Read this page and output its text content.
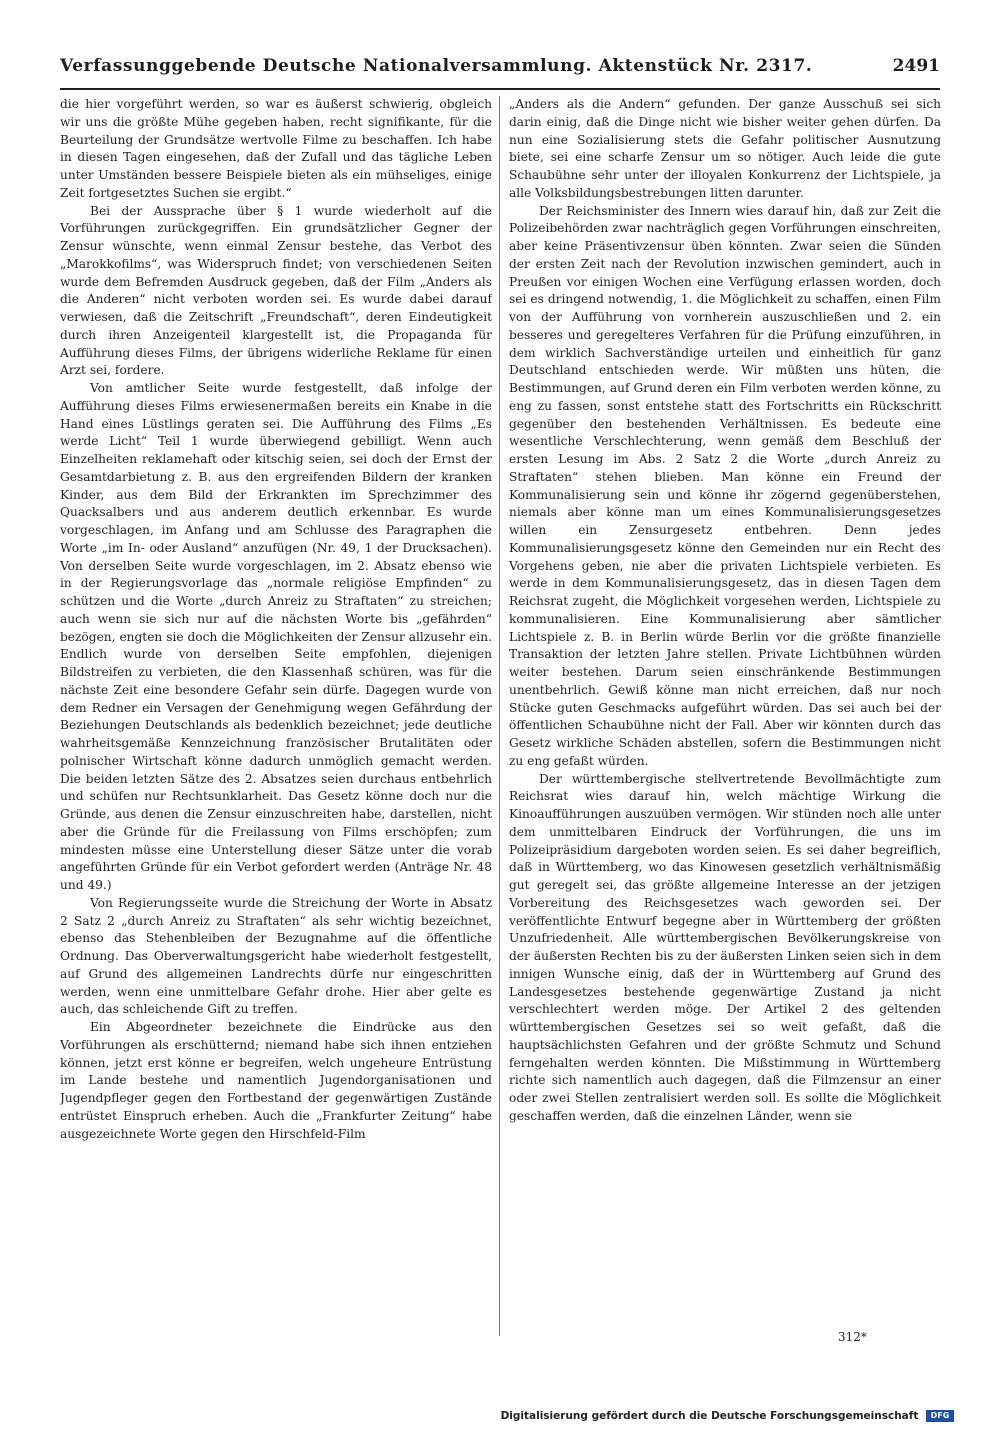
Verfassunggebende Deutsche Nationalversammlung. Aktenstück Nr. 2317.	2491

die hier vorgeführt werden, so war es äußerst schwierig, obgleich wir uns die größte Mühe gegeben haben, recht signifikante, für die Beurteilung der Grundsätze wertvolle Filme zu beschaffen. Ich habe in diesen Tagen eingesehen, daß der Zufall und das tägliche Leben unter Umständen bessere Beispiele bieten als ein mühseliges, einige Zeit fortgesetztes Suchen sie ergibt.“

Bei der Aussprache über § 1 wurde wiederholt auf die Vorführungen zurückgegriffen. Ein grundsätzlicher Gegner der Zensur wünschte, wenn einmal Zensur bestehe, das Verbot des „Marokkofilms“, was Widerspruch findet; von verschiedenen Seiten wurde dem Befremden Ausdruck gegeben, daß der Film „Anders als die Anderen“ nicht verboten worden sei. Es wurde dabei darauf verwiesen, daß die Zeitschrift „Freundschaft“, deren Eindeutigkeit durch ihren Anzeigenteil klargestellt ist, die Propaganda für Aufführung dieses Films, der übrigens widerliche Reklame für einen Arzt sei, fordere.

Von amtlicher Seite wurde festgestellt, daß infolge der Aufführung dieses Films erwiesenermaßen bereits ein Knabe in die Hand eines Lüstlings geraten sei. Die Aufführung des Films „Es werde Licht“ Teil 1 wurde überwiegend gebilligt. Wenn auch Einzelheiten reklamehaft oder kitschig seien, sei doch der Ernst der Gesamtdarbietung z. B. aus den ergreifenden Bildern der kranken Kinder, aus dem Bild der Erkrankten im Sprechzimmer des Quacksalbers und aus anderem deutlich erkennbar. Es wurde vorgeschlagen, im Anfang und am Schlusse des Paragraphen die Worte „im In- oder Ausland“ anzufügen (Nr. 49, 1 der Drucksachen). Von derselben Seite wurde vorgeschlagen, im 2. Absatz ebenso wie in der Regierungsvorlage das „normale religiöse Empfinden“ zu schützen und die Worte „durch Anreiz zu Straftaten“ zu streichen; auch wenn sie sich nur auf die nächsten Worte bis „gefährden“ bezögen, engten sie doch die Möglichkeiten der Zensur allzusehr ein. Endlich wurde von derselben Seite empfohlen, diejenigen Bildstreifen zu verbieten, die den Klassenhaß schüren, was für die nächste Zeit eine besondere Gefahr sein dürfe. Dagegen wurde von dem Redner ein Versagen der Genehmigung wegen Gefährdung der Beziehungen Deutschlands als bedenklich bezeichnet; jede deutliche wahrheitsgemäße Kennzeichnung französischer Brutalitäten oder polnischer Wirtschaft könne dadurch unmöglich gemacht werden. Die beiden letzten Sätze des 2. Absatzes seien durchaus entbehrlich und schüfen nur Rechtsunklarheit. Das Gesetz könne doch nur die Gründe, aus denen die Zensur einzuschreiten habe, darstellen, nicht aber die Gründe für die Freilassung von Films erschöpfen; zum mindesten müsse eine Unterstellung dieser Sätze unter die vorab angeführten Gründe für ein Verbot gefordert werden (Anträge Nr. 48 und 49.)

Von Regierungsseite wurde die Streichung der Worte in Absatz 2 Satz 2 „durch Anreiz zu Straftaten“ als sehr wichtig bezeichnet, ebenso das Stehenbleiben der Bezugnahme auf die öffentliche Ordnung. Das Oberverwaltungsgericht habe wiederholt festgestellt, auf Grund des allgemeinen Landrechts dürfe nur eingeschritten werden, wenn eine unmittelbare Gefahr drohe. Hier aber gelte es auch, das schleichende Gift zu treffen.

Ein Abgeordneter bezeichnete die Eindrücke aus den Vorführungen als erschütternd; niemand habe sich ihnen entziehen können, jetzt erst könne er begreifen, welch ungeheure Entrüstung im Lande bestehe und namentlich Jugendorganisationen und Jugendpfleger gegen den Fortbestand der gegenwärtigen Zustände entrüstet Einspruch erheben. Auch die „Frankfurter Zeitung“ habe ausgezeichnete Worte gegen den Hirschfeld-Film

„Anders als die Andern“ gefunden. Der ganze Ausschuß sei sich darin einig, daß die Dinge nicht wie bisher weiter gehen dürfen. Da nun eine Sozialisierung stets die Gefahr politischer Ausnutzung biete, sei eine scharfe Zensur um so nötiger. Auch leide die gute Schaubühne sehr unter der illoyalen Konkurrenz der Lichtspiele, ja alle Volksbildungsbestrebungen litten darunter.

Der Reichsminister des Innern wies darauf hin, daß zur Zeit die Polizeibehörden zwar nachträglich gegen Vorführungen einschreiten, aber keine Präsentivzensur üben könnten. Zwar seien die Sünden der ersten Zeit nach der Revolution inzwischen gemindert, auch in Preußen vor einigen Wochen eine Verfügung erlassen worden, doch sei es dringend notwendig, 1. die Möglichkeit zu schaffen, einen Film von der Aufführung von vornherein auszuschließen und 2. ein besseres und geregelteres Verfahren für die Prüfung einzuführen, in dem wirklich Sachverständige urteilen und einheitlich für ganz Deutschland entschieden werde. Wir müßten uns hüten, die Bestimmungen, auf Grund deren ein Film verboten werden könne, zu eng zu fassen, sonst entstehe statt des Fortschritts ein Rückschritt gegenüber den bestehenden Verhältnissen. Es bedeute eine wesentliche Verschlechterung, wenn gemäß dem Beschluß der ersten Lesung im Abs. 2 Satz 2 die Worte „durch Anreiz zu Straftaten“ stehen blieben. Man könne ein Freund der Kommunalisierung sein und könne ihr zögernd gegenüberstehen, niemals aber könne man um eines Kommunalisierungsgesetzes willen ein Zensurgesetz entbehren. Denn jedes Kommunalisierungsgesetz könne den Gemeinden nur ein Recht des Vorgehens geben, nie aber die privaten Lichtspiele verbieten. Es werde in dem Kommunalisierungsgesetz, das in diesen Tagen dem Reichsrat zugeht, die Möglichkeit vorgesehen werden, Lichtspiele zu kommunalisieren. Eine Kommunalisierung aber sämtlicher Lichtspiele z. B. in Berlin würde Berlin vor die größte finanzielle Transaktion der letzten Jahre stellen. Private Lichtbühnen würden weiter bestehen. Darum seien einschränkende Bestimmungen unentbehrlich. Gewiß könne man nicht erreichen, daß nur noch Stücke guten Geschmacks aufgeführt würden. Das sei auch bei der öffentlichen Schaubühne nicht der Fall. Aber wir könnten durch das Gesetz wirkliche Schäden abstellen, sofern die Bestimmungen nicht zu eng gefaßt würden.

Der württembergische stellvertretende Bevollmächtigte zum Reichsrat wies darauf hin, welch mächtige Wirkung die Kinoaufführungen auszuüben vermögen. Wir stünden noch alle unter dem unmittelbaren Eindruck der Vorführungen, die uns im Polizeipräsidium dargeboten worden seien. Es sei daher begreiflich, daß in Württemberg, wo das Kinowesen gesetzlich verhältnismäßig gut geregelt sei, das größte allgemeine Interesse an der jetzigen Vorbereitung des Reichsgesetzes wach geworden sei. Der veröffentlichte Entwurf begegne aber in Württemberg der größten Unzufriedenheit. Alle württembergischen Bevölkerungskreise von der äußersten Rechten bis zu der äußersten Linken seien sich in dem innigen Wunsche einig, daß der in Württemberg auf Grund des Landesgesetzes bestehende gegenwärtige Zustand ja nicht verschlechtert werden möge. Der Artikel 2 des geltenden württembergischen Gesetzes sei so weit gefaßt, daß die hauptsächlichsten Gefahren und der größte Schmutz und Schund ferngehalten werden könnten. Die Mißstimmung in Württemberg richte sich namentlich auch dagegen, daß die Filmzensur an einer oder zwei Stellen zentralisiert werden soll. Es sollte die Möglichkeit geschaffen werden, daß die einzelnen Länder, wenn sie

312*
Digitalisierung gefördert durch die Deutsche Forschungsgemeinschaft DFG
